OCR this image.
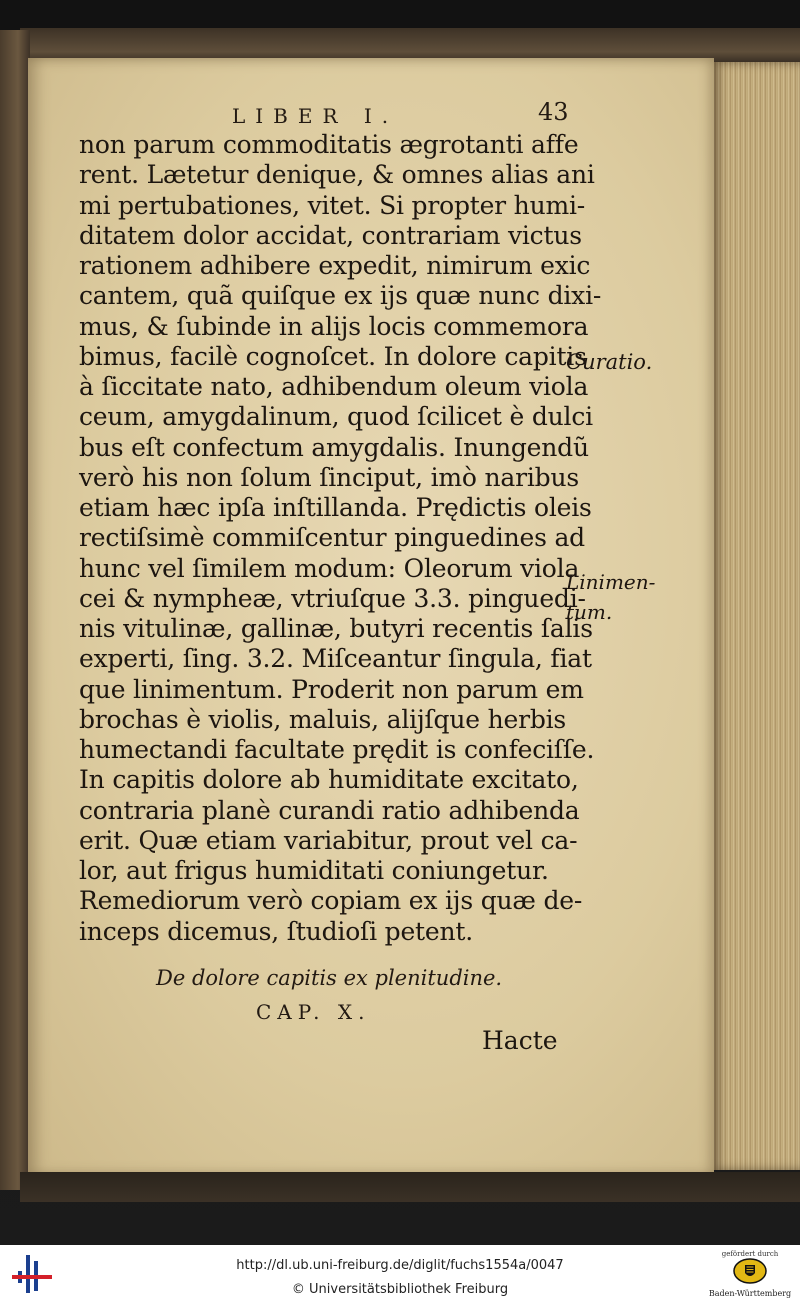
LIBER I.	43
non parum commoditatis ægrotanti affe
rent. Lætetur denique, & omnes alias ani
mi pertubationes, vitet. Si propter humi-
ditatem dolor accidat, contrariam victus
rationem adhibere expedit, nimirum exic
cantem, quã quiſque ex ijs quæ nunc dixi-
mus, & ſubinde in alijs locis commemora
bimus, facilè cognoſcet. In dolore capitis
à ſiccitate nato, adhibendum oleum viola
ceum, amygdalinum, quod ſcilicet è dulci
bus eſt confectum amygdalis. Inungendũ
verò his non ſolum ſinciput, imò naribus
etiam hæc ipſa inſtillanda. Prędictis oleis
rectiſsimè commiſcentur pinguedines ad
hunc vel ſimilem modum: Oleorum viola
cei & nympheæ, vtriuſque 3.3. pinguedi-
nis vitulinæ, gallinæ, butyri recentis ſalis
experti, ſing. 3.2. Miſceantur ſingula, fiat
que linimentum. Proderit non parum em
brochas è violis, maluis, alijſque herbis
humectandi facultate prędit is confeciſſe.
In capitis dolore ab humiditate excitato,
contraria planè curandi ratio adhibenda
erit. Quæ etiam variabitur, prout vel ca-
lor, aut frigus humiditati coniungetur.
Remediorum verò copiam ex ijs quæ de-
inceps dicemus, ſtudioſi petent.
Curatio.
Linimen-
tum.
De dolore capitis ex plenitudine.
CAP. X.
Hacte
http://dl.ub.uni-freiburg.de/diglit/fuchs1554a/0047
© Universitätsbibliothek Freiburg
gefördert durch
Baden-Württemberg
